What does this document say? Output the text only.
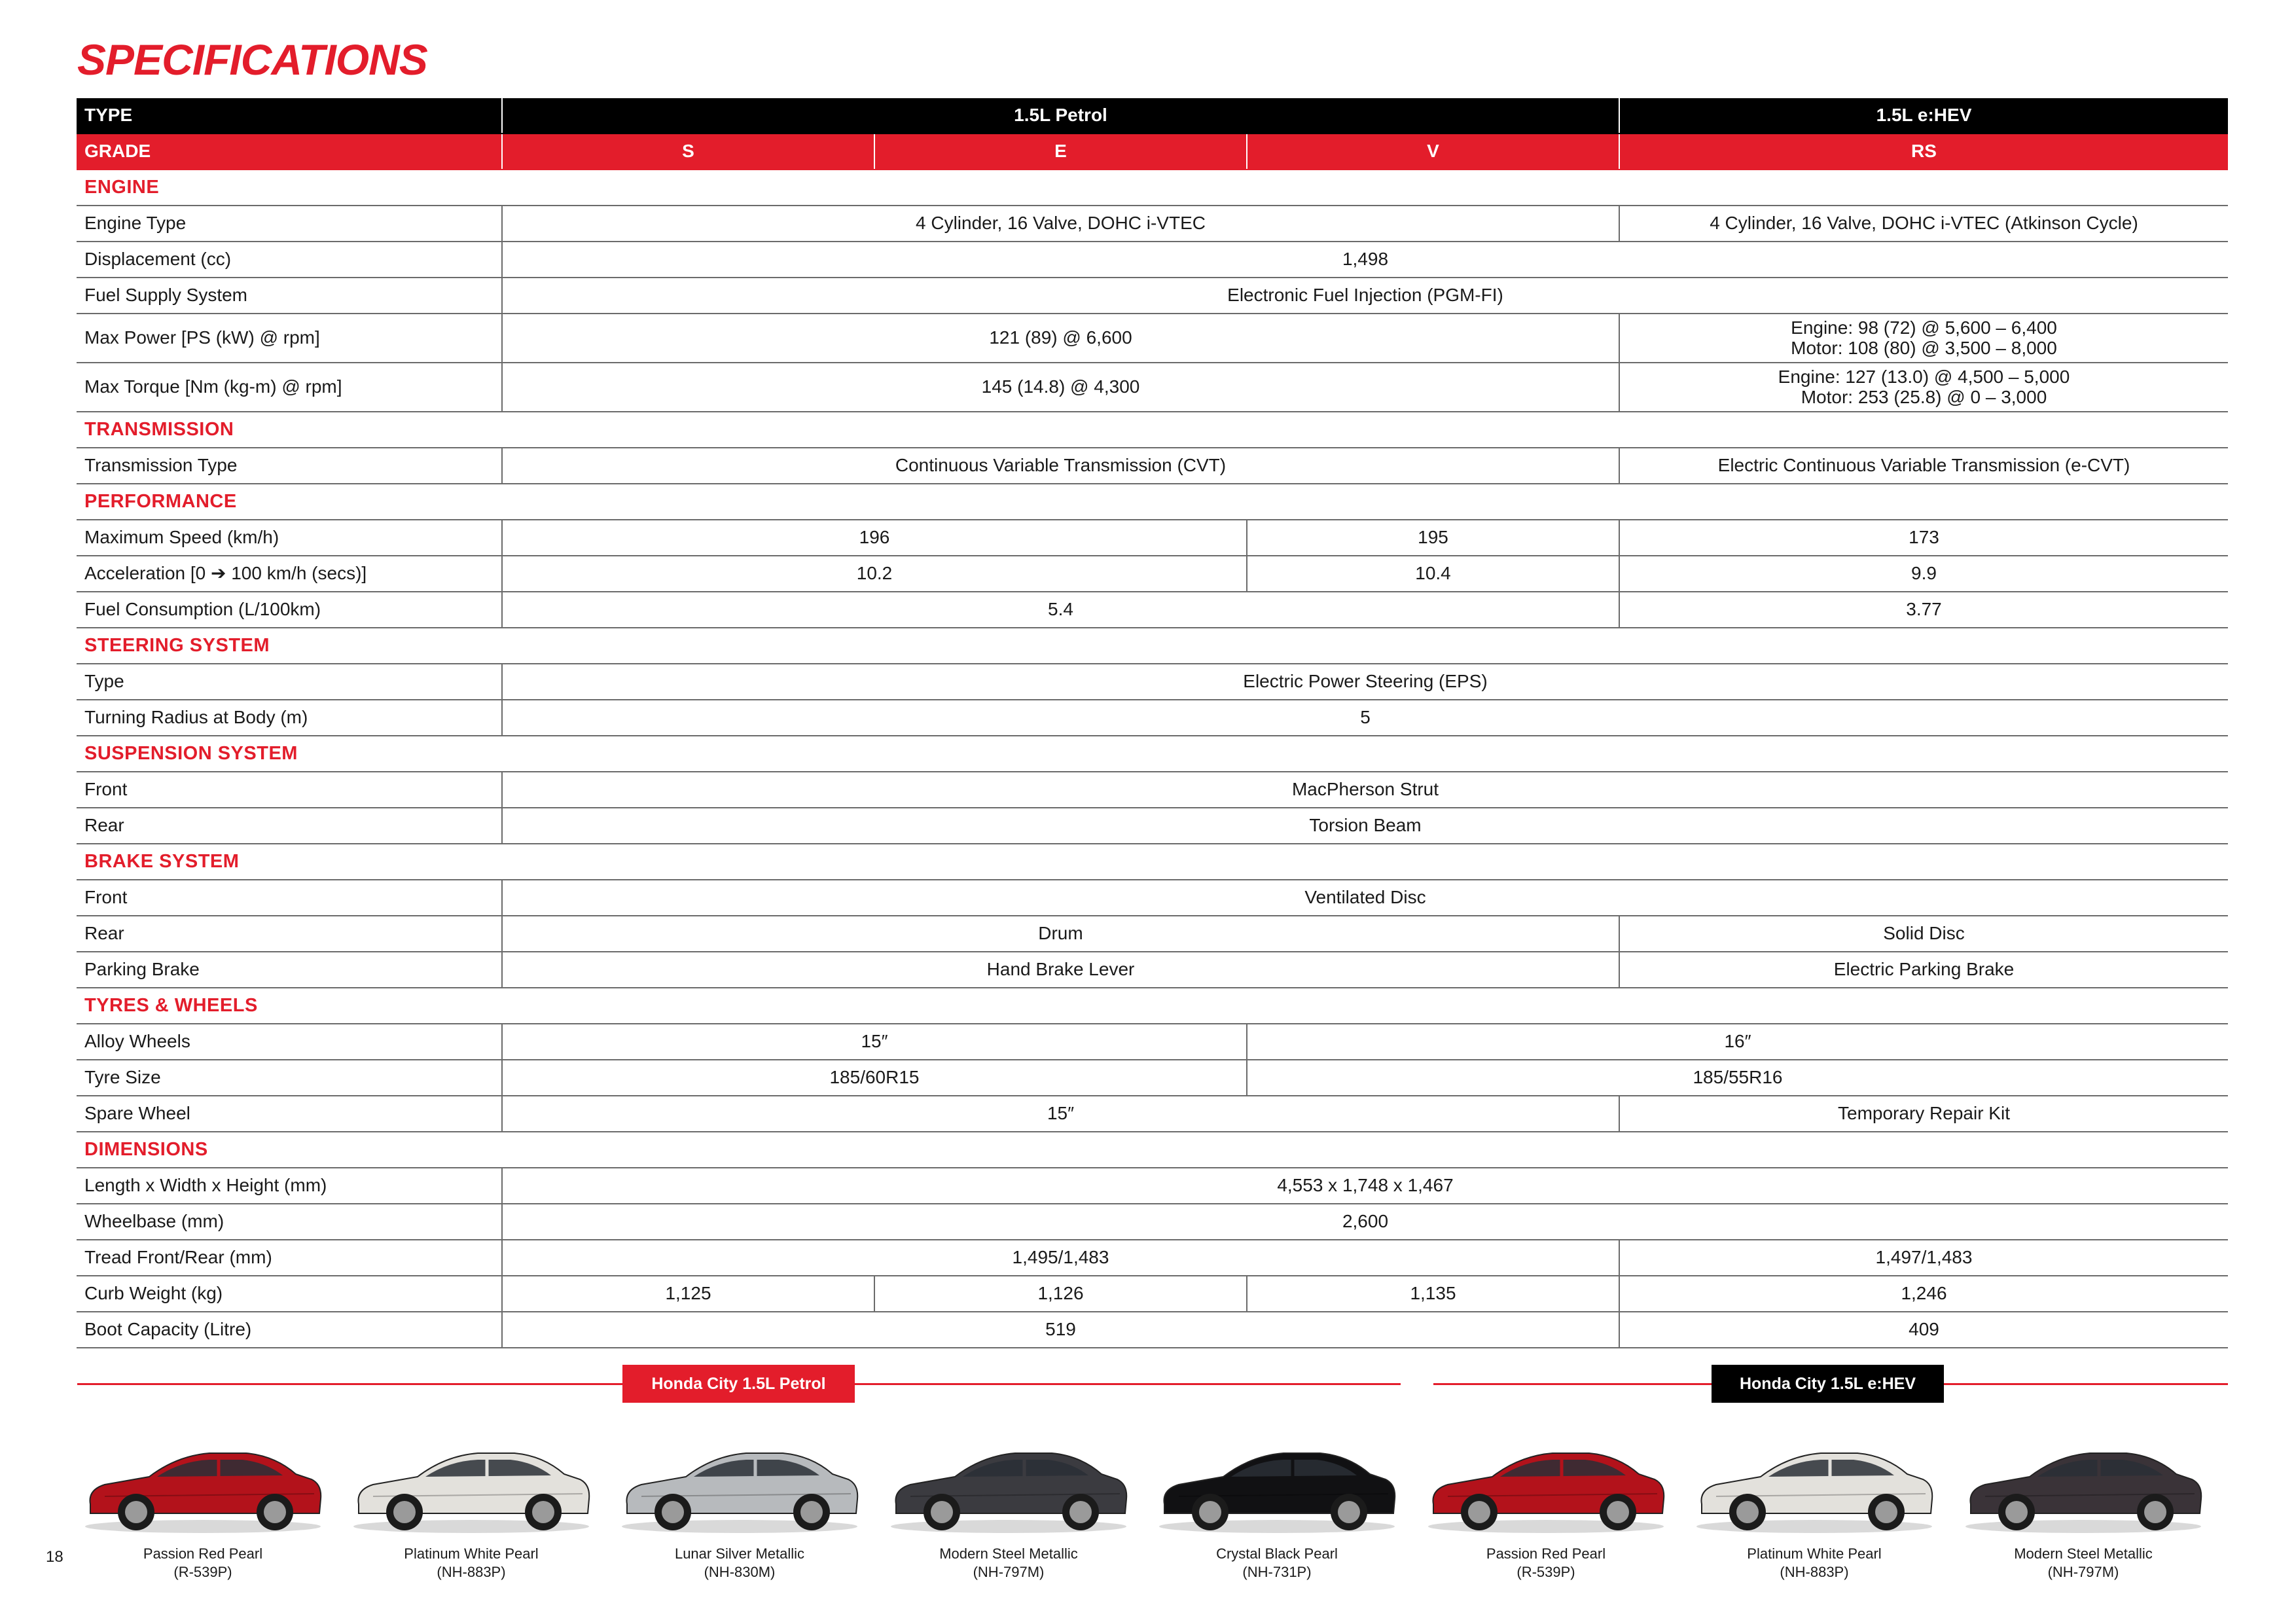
SPECIFICATIONS
TYPE	1.5L Petrol			1.5L e:HEV
GRADE	S	E	V	RS
ENGINE				
Engine Type	4 Cylinder, 16 Valve, DOHC i-VTEC			4 Cylinder, 16 Valve, DOHC i-VTEC (Atkinson Cycle)
Displacement (cc)	1,498			
Fuel Supply System	Electronic Fuel Injection (PGM-FI)			
Max Power [PS (kW) @ rpm]	121 (89) @ 6,600			Engine: 98 (72) @ 5,600 – 6,400
Motor: 108 (80) @ 3,500 – 8,000

Max Torque [Nm (kg-m) @ rpm]	145 (14.8) @ 4,300			Engine: 127 (13.0) @ 4,500 – 5,000
Motor: 253 (25.8) @ 0 – 3,000

TRANSMISSION				
Transmission Type	Continuous Variable Transmission (CVT)			Electric Continuous Variable Transmission (e-CVT)
PERFORMANCE				
Maximum Speed (km/h)	196		195	173
Acceleration [0 ➔ 100 km/h (secs)]	10.2		10.4	9.9
Fuel Consumption (L/100km)	5.4			3.77
STEERING SYSTEM				
Type	Electric Power Steering (EPS)			
Turning Radius at Body (m)	5			
SUSPENSION SYSTEM				
Front	MacPherson Strut			
Rear	Torsion Beam			
BRAKE SYSTEM				
Front	Ventilated Disc			
Rear	Drum			Solid Disc
Parking Brake	Hand Brake Lever			Electric Parking Brake
TYRES & WHEELS				
Alloy Wheels	15″		16″	
Tyre Size	185/60R15		185/55R16	
Spare Wheel	15″			Temporary Repair Kit
DIMENSIONS				
Length x Width x Height (mm)	4,553 x 1,748 x 1,467			
Wheelbase (mm)	2,600			
Tread Front/Rear (mm)	1,495/1,483			1,497/1,483
Curb Weight (kg)	1,125	1,126	1,135	1,246
Boot Capacity (Litre)	519			409
Honda City 1.5L Petrol	Honda City 1.5L e:HEV
Passion Red Pearl
(R-539P)
Platinum White Pearl
(NH-883P)
Lunar Silver Metallic
(NH-830M)
Modern Steel Metallic
(NH-797M)
Crystal Black Pearl
(NH-731P)
Passion Red Pearl
(R-539P)
Platinum White Pearl
(NH-883P)
Modern Steel Metallic
(NH-797M)
18
